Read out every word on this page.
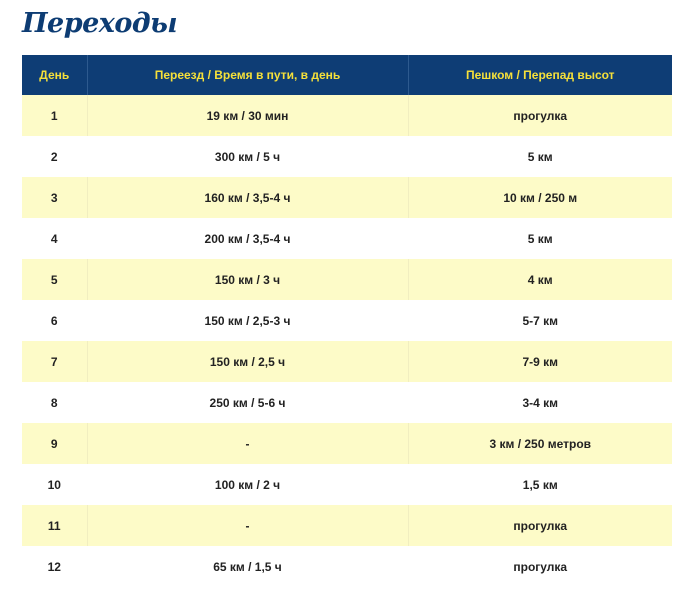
Переходы
День	Переезд / Время в пути, в день	Пешком / Перепад высот
1	19 км / 30 мин	прогулка
2	300 км / 5 ч	5 км
3	160 км / 3,5-4 ч	10 км / 250 м
4	200 км / 3,5-4 ч	5 км
5	150 км / 3 ч	4 км
6	150 км / 2,5-3 ч	5-7 км
7	150 км / 2,5 ч	7-9 км
8	250 км / 5-6 ч	3-4 км
9	-	3 км / 250 метров
10	100 км / 2 ч	1,5 км
11	-	прогулка
12	65 км / 1,5 ч	прогулка
